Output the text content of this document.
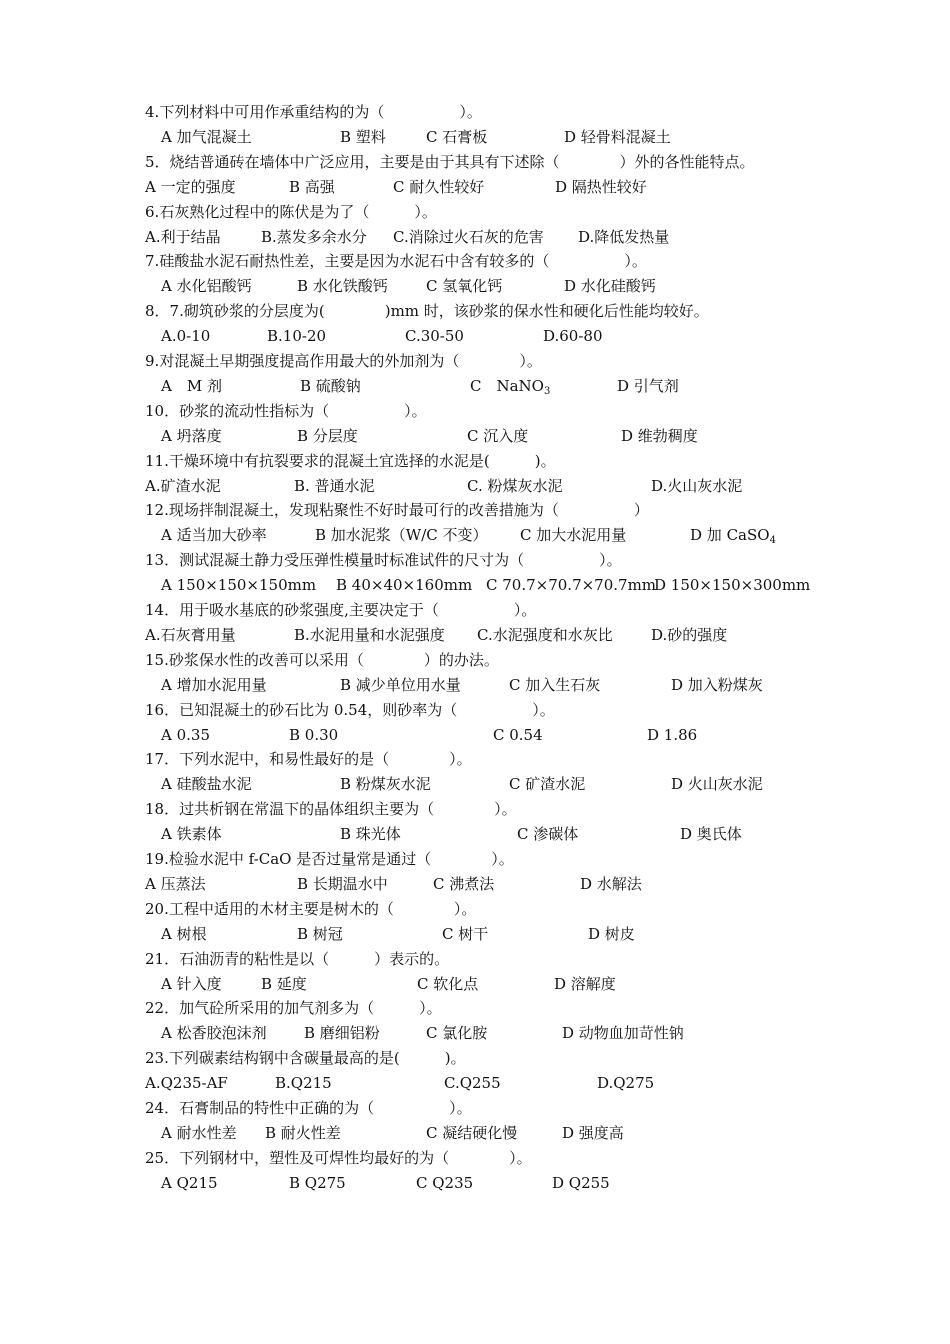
4.下列材料中可用作承重结构的为（　　　　　）。
A 加气混凝土	B 塑料	C 石膏板	D 轻骨料混凝土
5．烧结普通砖在墙体中广泛应用，主要是由于其具有下述除（　　　　）外的各性能特点。
A 一定的强度	B 高强	C 耐久性较好	D 隔热性较好
6.石灰熟化过程中的陈伏是为了（　　　）。
A.利于结晶	B.蒸发多余水分 C.消除过火石灰的危害 D.降低发热量
7.硅酸盐水泥石耐热性差，主要是因为水泥石中含有较多的（　　　　　）。
A 水化铝酸钙	B 水化铁酸钙	C 氢氧化钙	D 水化硅酸钙
8．7.砌筑砂浆的分层度为(　　　　)mm 时，该砂浆的保水性和硬化后性能均较好。
A.0-10	B.10-20	C.30-50	D.60-80
9.对混凝土早期强度提高作用最大的外加剂为（　　　　）。
A　M 剂	B 硫酸钠	C　NaNO$_3$	D 引气剂
10．砂浆的流动性指标为（　　　　　）。
A 坍落度	B 分层度	C 沉入度	D 维勃稠度
11.干燥环境中有抗裂要求的混凝土宜选择的水泥是(　　　)。
A.矿渣水泥	B. 普通水泥	C. 粉煤灰水泥	D.火山灰水泥
12.现场拌制混凝土，发现粘聚性不好时最可行的改善措施为（　　　　　）
A 适当加大砂率	B 加水泥浆（W/C 不变） C 加大水泥用量	D 加 CaSO$_4$
13．测试混凝土静力受压弹性模量时标准试件的尺寸为（　　　　　）。
A 150×150×150mm B 40×40×160mm C 70.7×70.7×70.7mm
D 150×150×300mm
14．用于吸水基底的砂浆强度,主要决定于（　　　　　）。
A.石灰膏用量	B.水泥用量和水泥强度 C.水泥强度和水灰比	D.砂的强度
15.砂浆保水性的改善可以采用（　　　　）的办法。
A 增加水泥用量	B 减少单位用水量	C 加入生石灰	D 加入粉煤灰
16．已知混凝土的砂石比为 0.54，则砂率为（　　　　　）。
A 0.35	B 0.30	C 0.54	D 1.86
17．下列水泥中，和易性最好的是（　　　　）。
A 硅酸盐水泥	B 粉煤灰水泥	C 矿渣水泥	D 火山灰水泥
18．过共析钢在常温下的晶体组织主要为（　　　　）。
A 铁素体	B 珠光体	C 渗碳体	D 奥氏体
19.检验水泥中 f-CaO 是否过量常是通过（　　　　）。
A 压蒸法	B 长期温水中	C 沸煮法	D 水解法
20.工程中适用的木材主要是树木的（　　　　）。
A 树根	B 树冠	C 树干	D 树皮
21．石油沥青的粘性是以（　　　）表示的。
A 针入度	B 延度	C 软化点	D 溶解度
22．加气砼所采用的加气剂多为（　　　）。
A 松香胶泡沫剂 B 磨细铝粉	C 氯化胺	D 动物血加苛性钠
23.下列碳素结构钢中含碳量最高的是(　　　)。
A.Q235-AF	B.Q215	C.Q255	D.Q275
24．石膏制品的特性中正确的为（　　　　　）。
A 耐水性差 B 耐火性差	C 凝结硬化慢	D 强度高
25．下列钢材中，塑性及可焊性均最好的为（　　　　）。
A Q215	B Q275	C Q235	D Q255
